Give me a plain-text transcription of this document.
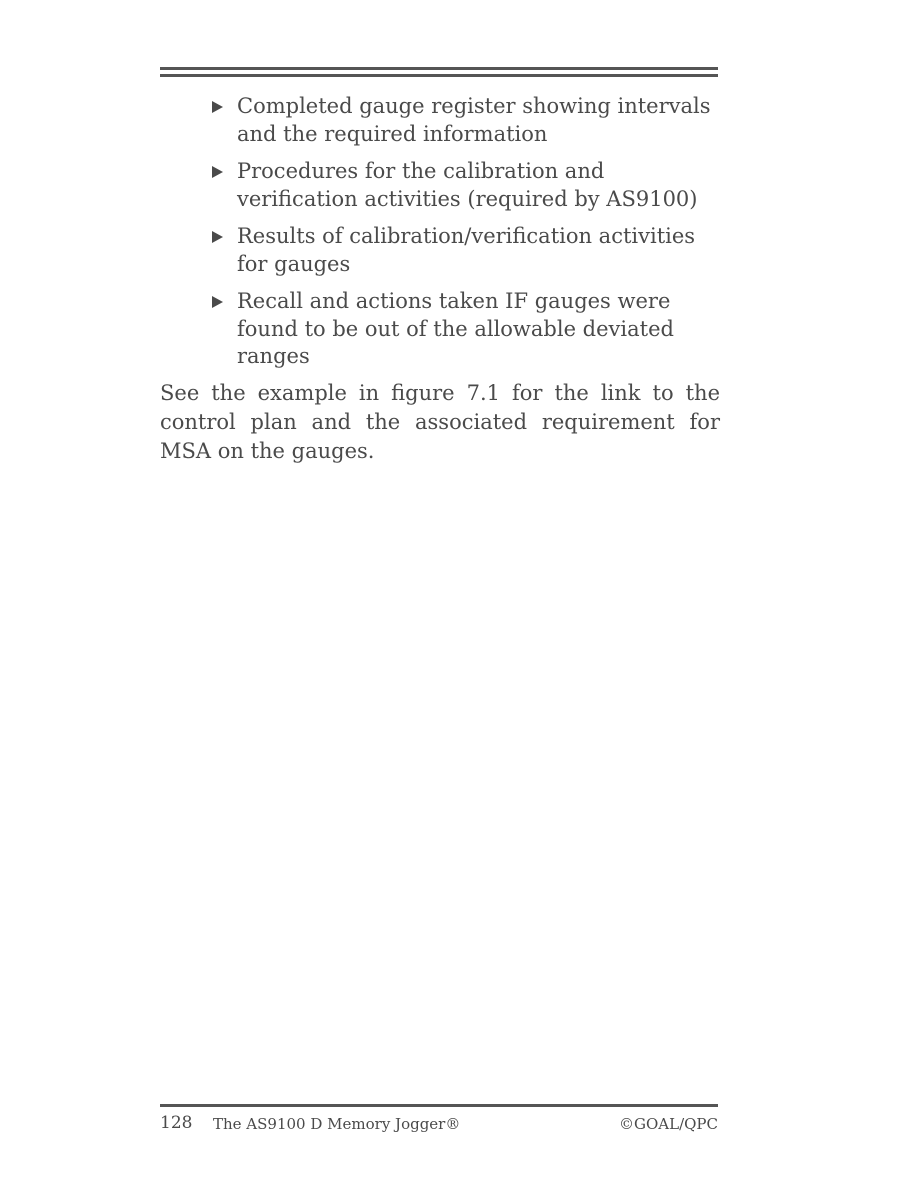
Completed gauge register showing intervals and the required information
Procedures for the calibration and verification activities (required by AS9100)
Results of calibration/verification activities for gauges
Recall and actions taken IF gauges were found to be out of the allowable deviated ranges

See the example in figure 7.1 for the link to the control plan and the associated requirement for MSA on the gauges.

128 The AS9100 D Memory Jogger®	©GOAL/QPC
